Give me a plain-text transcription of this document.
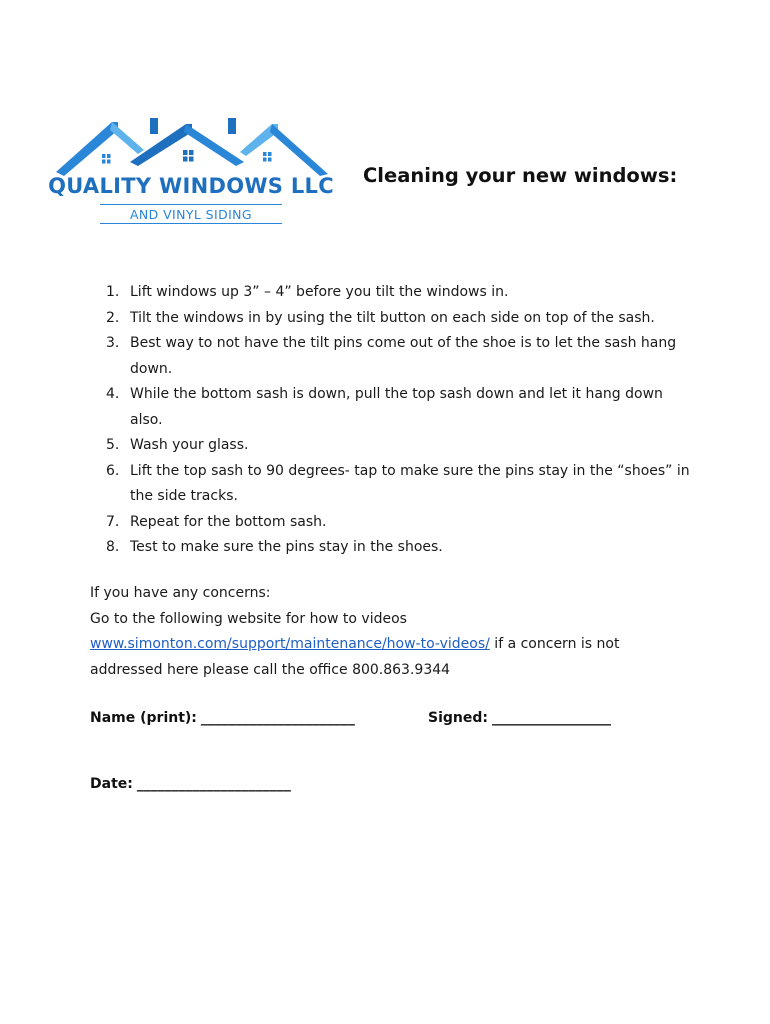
QUALITY WINDOWS LLC
AND VINYL SIDING
Cleaning your new windows:
1. Lift windows up 3” – 4” before you tilt the windows in.
2. Tilt the windows in by using the tilt button on each side on top of the sash.
3. Best way to not have the tilt pins come out of the shoe is to let the sash hang down.
4. While the bottom sash is down, pull the top sash down and let it hang down also.
5. Wash your glass.
6. Lift the top sash to 90 degrees- tap to make sure the pins stay in the “shoes” in the side tracks.
7. Repeat for the bottom sash.
8. Test to make sure the pins stay in the shoes.

If you have any concerns:

Go to the following website for how to videos

www.simonton.com/support/maintenance/how-to-videos/ if a concern is not addressed here please call the office 800.863.9344

Name (print): ______________________	Signed: _________________
Date: ______________________
